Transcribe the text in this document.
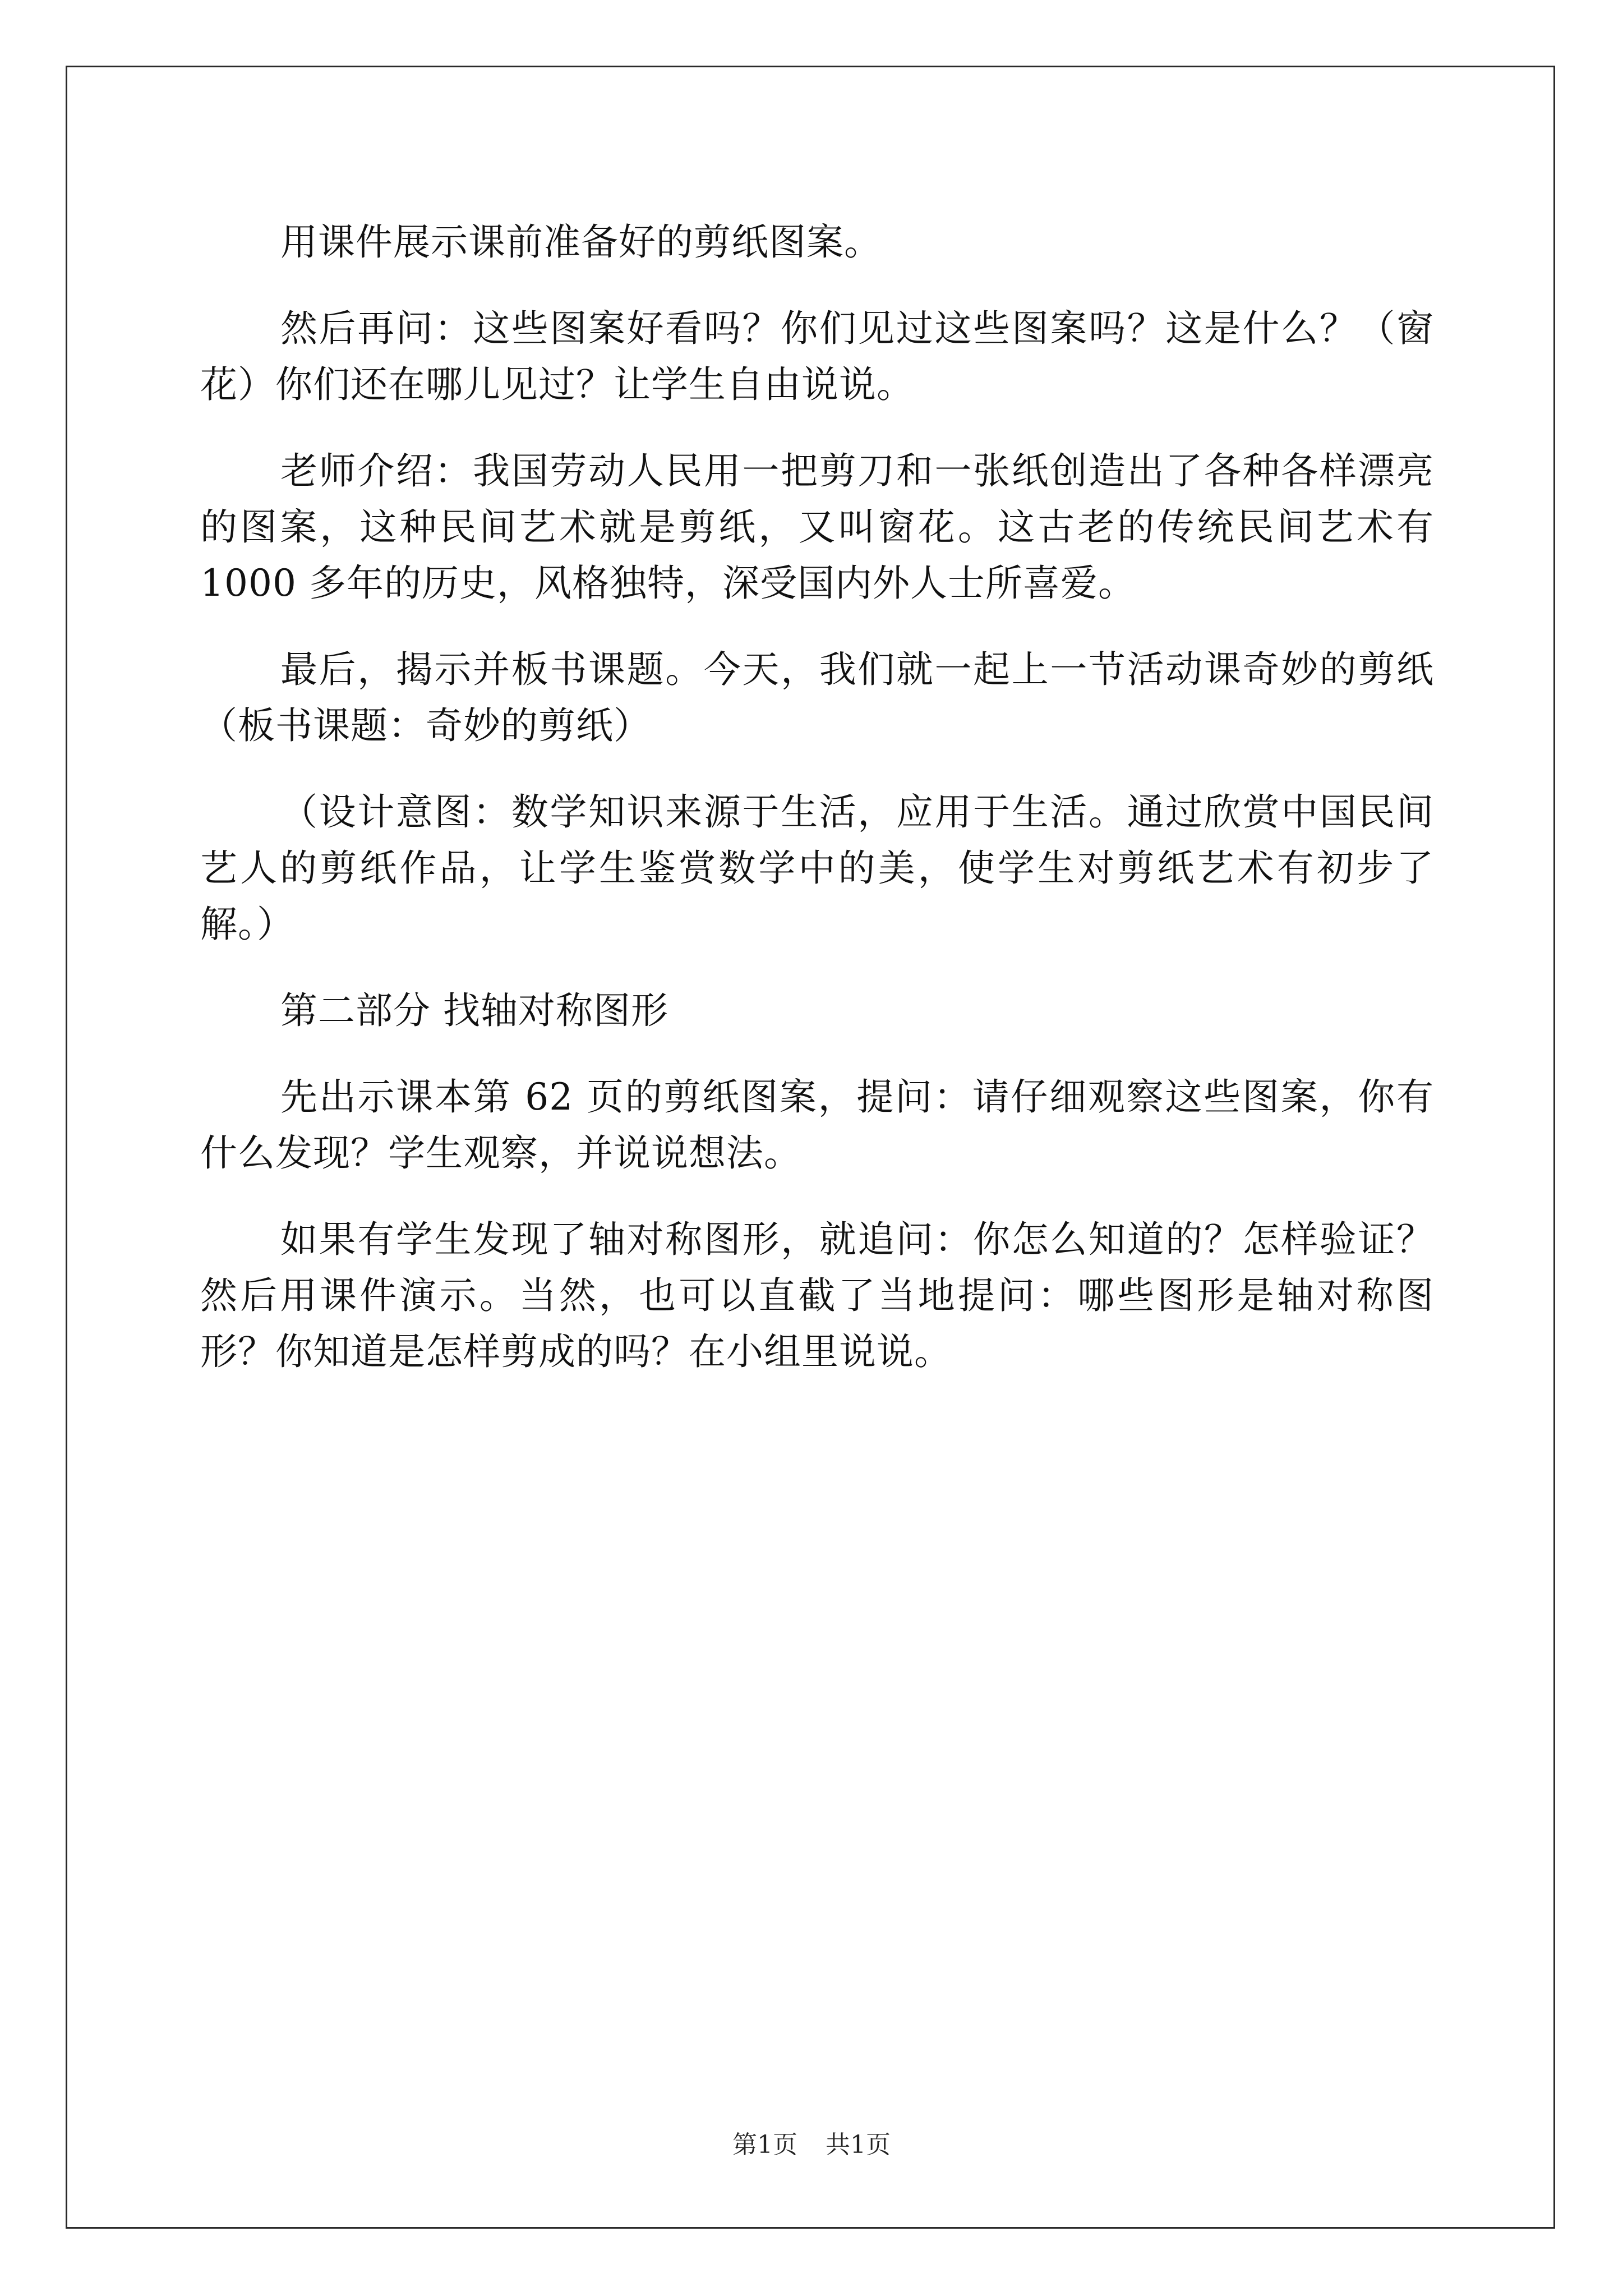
用课件展示课前准备好的剪纸图案。

然后再问：这些图案好看吗？你们见过这些图案吗？这是什么？（窗花）你们还在哪儿见过？让学生自由说说。

老师介绍：我国劳动人民用一把剪刀和一张纸创造出了各种各样漂亮的图案，这种民间艺术就是剪纸，又叫窗花。这古老的传统民间艺术有 1000 多年的历史，风格独特，深受国内外人士所喜爱。

最后，揭示并板书课题。今天，我们就一起上一节活动课奇妙的剪纸（板书课题：奇妙的剪纸）

（设计意图：数学知识来源于生活，应用于生活。通过欣赏中国民间艺人的剪纸作品，让学生鉴赏数学中的美，使学生对剪纸艺术有初步了解。）

第二部分 找轴对称图形

先出示课本第 62 页的剪纸图案，提问：请仔细观察这些图案，你有什么发现？学生观察，并说说想法。

如果有学生发现了轴对称图形，就追问：你怎么知道的？怎样验证？然后用课件演示。当然，也可以直截了当地提问：哪些图形是轴对称图形？你知道是怎样剪成的吗？在小组里说说。

第1页 共1页
